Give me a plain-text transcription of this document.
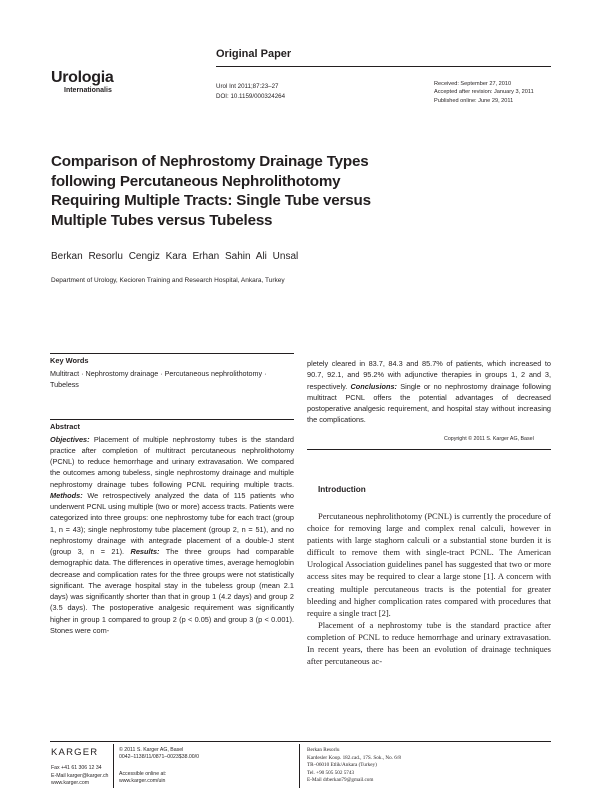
Original Paper
Urologia
Internationalis
Urol Int 2011;87:23–27
DOI: 10.1159/000324264
Received: September 27, 2010
Accepted after revision: January 3, 2011
Published online: June 29, 2011
Comparison of Nephrostomy Drainage Types
following Percutaneous Nephrolithotomy
Requiring Multiple Tracts: Single Tube versus
Multiple Tubes versus Tubeless
Berkan Resorlu Cengiz Kara Erhan Sahin Ali Unsal
Department of Urology, Kecioren Training and Research Hospital, Ankara, Turkey
Key Words
Multitract · Nephrostomy drainage · Percutaneous nephrolithotomy · Tubeless
Abstract
Objectives: Placement of multiple nephrostomy tubes is the standard practice after completion of multitract percutaneous nephrolithotomy (PCNL) to reduce hemorrhage and urinary extravasation. We compared the outcomes among tubeless, single nephrostomy drainage and multiple nephrostomy drainage tubes following PCNL requiring multiple tracts. Methods: We retrospectively analyzed the data of 115 patients who underwent PCNL using multiple (two or more) access tracts. Patients were categorized into three groups: one nephrostomy tube for each tract (group 1, n = 43); single nephrostomy tube placement (group 2, n = 51), and no nephrostomy drainage with antegrade placement of a double-J stent (group 3, n = 21). Results: The three groups had comparable demographic data. The differences in operative times, average hemoglobin decrease and complication rates for the three groups were not statistically significant. The average hospital stay in the tubeless group (mean 2.1 days) was significantly shorter than that in group 1 (4.2 days) and group 2 (3.5 days). The postoperative analgesic requirement was significantly higher in group 1 compared to group 2 (p < 0.05) and group 3 (p < 0.001). Stones were com-
pletely cleared in 83.7, 84.3 and 85.7% of patients, which increased to 90.7, 92.1, and 95.2% with adjunctive therapies in groups 1, 2 and 3, respectively. Conclusions: Single or no nephrostomy drainage following multitract PCNL offers the potential advantages of decreased postoperative analgesic requirement, and hospital stay without increasing the complications.
Copyright © 2011 S. Karger AG, Basel
Introduction

Percutaneous nephrolithotomy (PCNL) is currently the procedure of choice for removing large and complex renal calculi, however in patients with large staghorn calculi or a substantial stone burden it is difficult to remove them with single-tract PCNL. The American Urological Association guidelines panel has suggested that two or more access sites may be required to clear a large stone [1]. A concern with creating multiple percutaneous tracts is the potential for greater bleeding and higher complication rates compared with procedures that require a single tract [2].

Placement of a nephrostomy tube is the standard practice after completion of PCNL to reduce hemorrhage and urinary extravasation. In recent years, there has been an evolution of drainage techniques after percutaneous ac-

KARGER
Fax +41 61 306 12 34
E-Mail karger@karger.ch
www.karger.com
© 2011 S. Karger AG, Basel
0042–1138/11/0871–0023$38.00/0
Accessible online at:
www.karger.com/uin
Berkan Resorlu
Kardesler Koop. 182.cad., 17S. Sok., No. 6/8
TR–06010 Etlik/Ankara (Turkey)
Tel. +90 505 502 5743
E-Mail drberkan79@gmail.com
